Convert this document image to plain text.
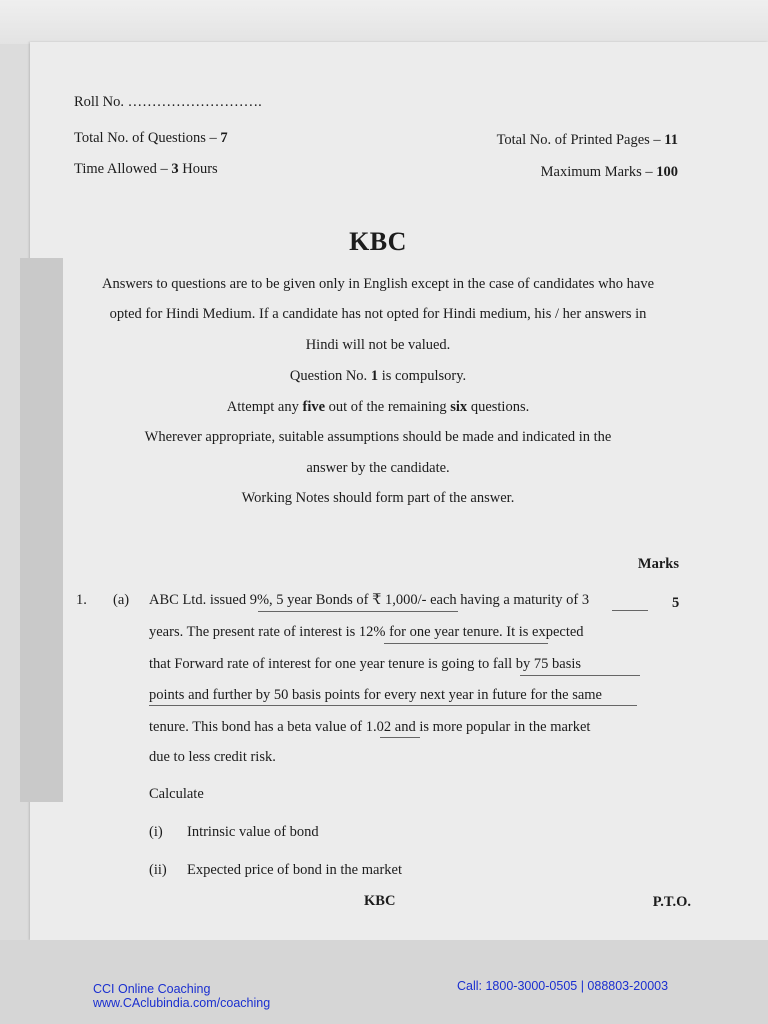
Roll No. ……………………….
Total No. of Questions – 7	Total No. of Printed Pages – 11
Time Allowed – 3 Hours	Maximum Marks – 100
KBC
Answers to questions are to be given only in English except in the case of candidates who have
opted for Hindi Medium. If a candidate has not opted for Hindi medium, his / her answers in
Hindi will not be valued.
Question No. 1 is compulsory.
Attempt any five out of the remaining six questions.
Wherever appropriate, suitable assumptions should be made and indicated in the
answer by the candidate.
Working Notes should form part of the answer.
Marks
1. (a)	5
ABC Ltd. issued 9%, 5 year Bonds of ₹ 1,000/- each having a maturity of 3
years. The present rate of interest is 12% for one year tenure. It is expected
that Forward rate of interest for one year tenure is going to fall by 75 basis
points and further by 50 basis points for every next year in future for the same
tenure. This bond has a beta value of 1.02 and is more popular in the market
due to less credit risk.
Calculate
(i) Intrinsic value of bond
(ii) Expected price of bond in the market
KBC	P.T.O.
CCI Online Coaching
www.CAclubindia.com/coaching
Call: 1800-3000-0505 | 088803-20003
